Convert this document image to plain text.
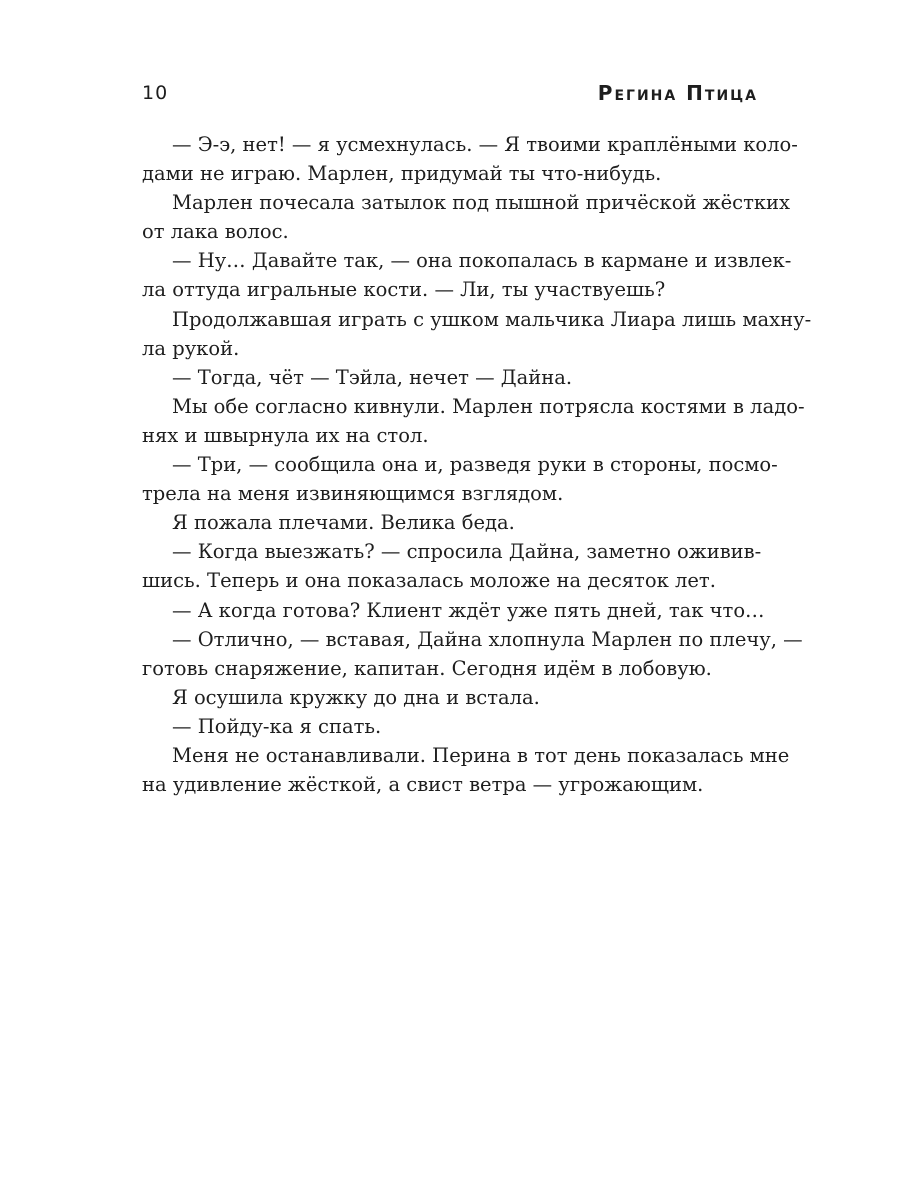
10	Регина Птица
— Э-э, нет! — я усмехнулась. — Я твоими краплёными коло-
дами не играю. Марлен, придумай ты что-нибудь.
Марлен почесала затылок под пышной причёской жёстких
от лака волос.
— Ну… Давайте так, — она покопалась в кармане и извлек-
ла оттуда игральные кости. — Ли, ты участвуешь?
Продолжавшая играть с ушком мальчика Лиара лишь махну-
ла рукой.
— Тогда, чёт — Тэйла, нечет — Дайна.
Мы обе согласно кивнули. Марлен потрясла костями в ладо-
нях и швырнула их на стол.
— Три, — сообщила она и, разведя руки в стороны, посмо-
трела на меня извиняющимся взглядом.
Я пожала плечами. Велика беда.
— Когда выезжать? — спросила Дайна, заметно оживив-
шись. Теперь и она показалась моложе на десяток лет.
— А когда готова? Клиент ждёт уже пять дней, так что…
— Отлично, — вставая, Дайна хлопнула Марлен по плечу, —
готовь снаряжение, капитан. Сегодня идём в лобовую.
Я осушила кружку до дна и встала.
— Пойду-ка я спать.
Меня не останавливали. Перина в тот день показалась мне
на удивление жёсткой, а свист ветра — угрожающим.
